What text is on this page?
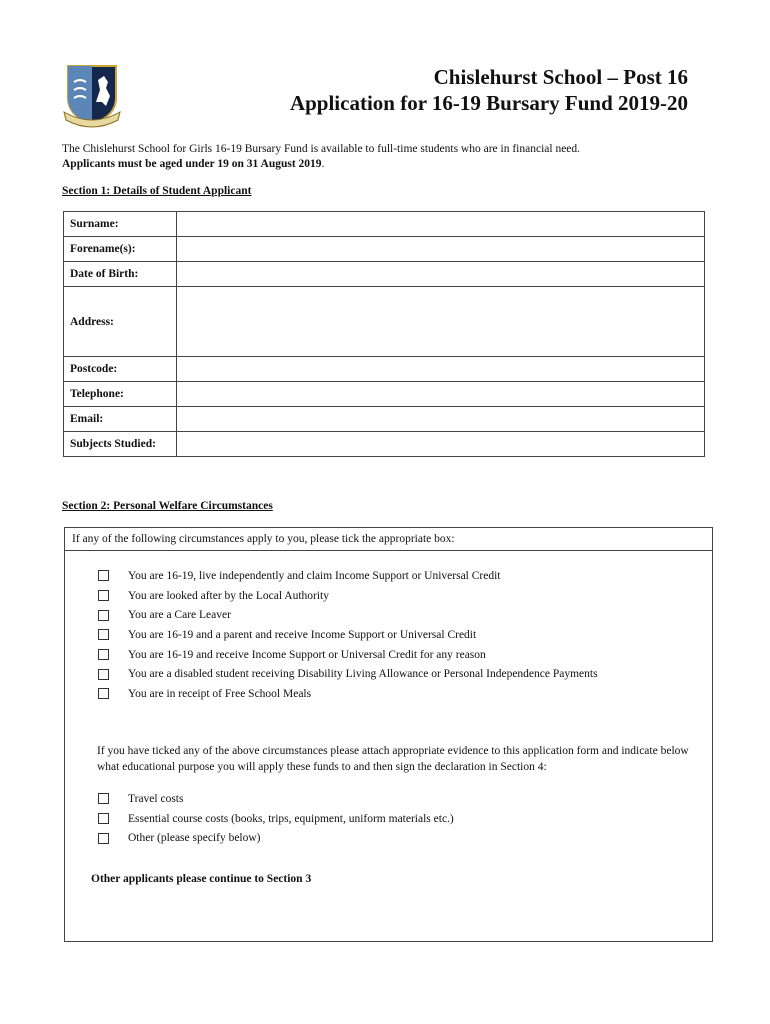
Chislehurst School – Post 16
Application for 16-19 Bursary Fund 2019-20
The Chislehurst School for Girls 16-19 Bursary Fund is available to full-time students who are in financial need.
Applicants must be aged under 19 on 31 August 2019.
Section 1: Details of Student Applicant
Surname:	
Forename(s):	
Date of Birth:	
Address:	
Postcode:	
Telephone:	
Email:	
Subjects Studied:	
Section 2: Personal Welfare Circumstances
If any of the following circumstances apply to you, please tick the appropriate box:
You are 16-19, live independently and claim Income Support or Universal Credit
You are looked after by the Local Authority
You are a Care Leaver
You are 16-19 and a parent and receive Income Support or Universal Credit
You are 16-19 and receive Income Support or Universal Credit for any reason
You are a disabled student receiving Disability Living Allowance or Personal Independence Payments
You are in receipt of Free School Meals
If you have ticked any of the above circumstances please attach appropriate evidence to this application form and indicate below what educational purpose you will apply these funds to and then sign the declaration in Section 4:
Travel costs
Essential course costs (books, trips, equipment, uniform materials etc.)
Other (please specify below)
Other applicants please continue to Section 3
